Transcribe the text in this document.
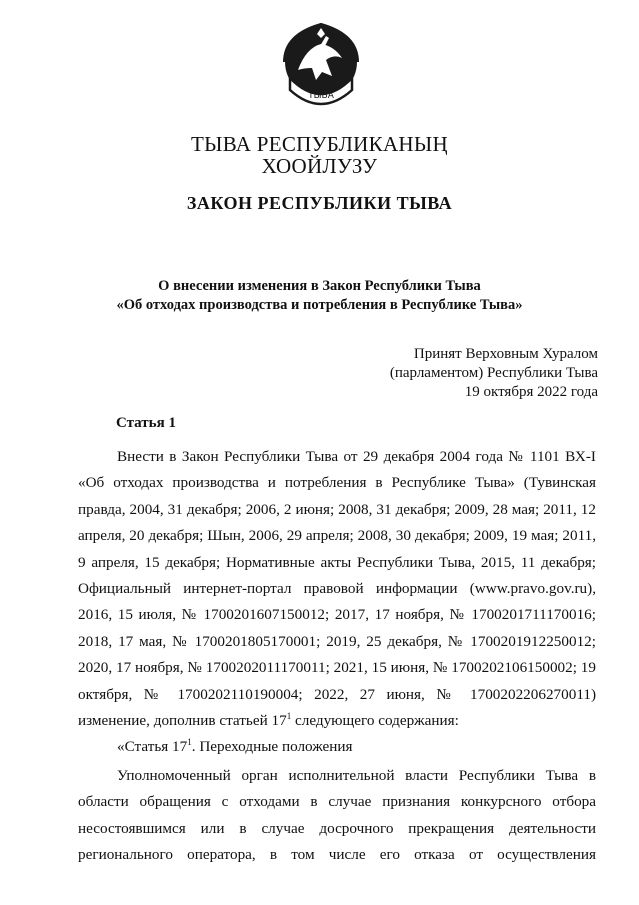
ТЫВА
ТЫВА РЕСПУБЛИКАНЫҢ
ХООЙЛУЗУ
ЗАКОН РЕСПУБЛИКИ ТЫВА
О внесении изменения в Закон Республики Тыва
«Об отходах производства и потребления в Республике Тыва»
Принят Верховным Хуралом
(парламентом) Республики Тыва
19 октября 2022 года
Статья 1
Внести в Закон Республики Тыва от 29 декабря 2004 года № 1101 ВХ-I
«Об отходах производства и потребления в Республике Тыва» (Тувинская
правда, 2004, 31 декабря; 2006, 2 июня; 2008, 31 декабря; 2009, 28 мая; 2011, 12
апреля, 20 декабря; Шын, 2006, 29 апреля; 2008, 30 декабря; 2009, 19 мая; 2011,
9 апреля, 15 декабря; Нормативные акты Республики Тыва, 2015, 11 декабря;
Официальный интернет-портал правовой информации (www.pravo.gov.ru),
2016, 15 июля, № 1700201607150012; 2017, 17 ноября, № 1700201711170016;
2018, 17 мая, № 1700201805170001; 2019, 25 декабря, № 1700201912250012;
2020, 17 ноября, № 1700202011170011; 2021, 15 июня, № 1700202106150002; 19
октября, № 1700202110190004; 2022, 27 июня, № 1700202206270011)
изменение, дополнив статьей $17^1$ следующего содержания:
«Статья $17^1$. Переходные положения
Уполномоченный орган исполнительной власти Республики Тыва в
области обращения с отходами в случае признания конкурсного отбора
несостоявшимся или в случае досрочного прекращения деятельности
регионального оператора, в том числе его отказа от осуществления
